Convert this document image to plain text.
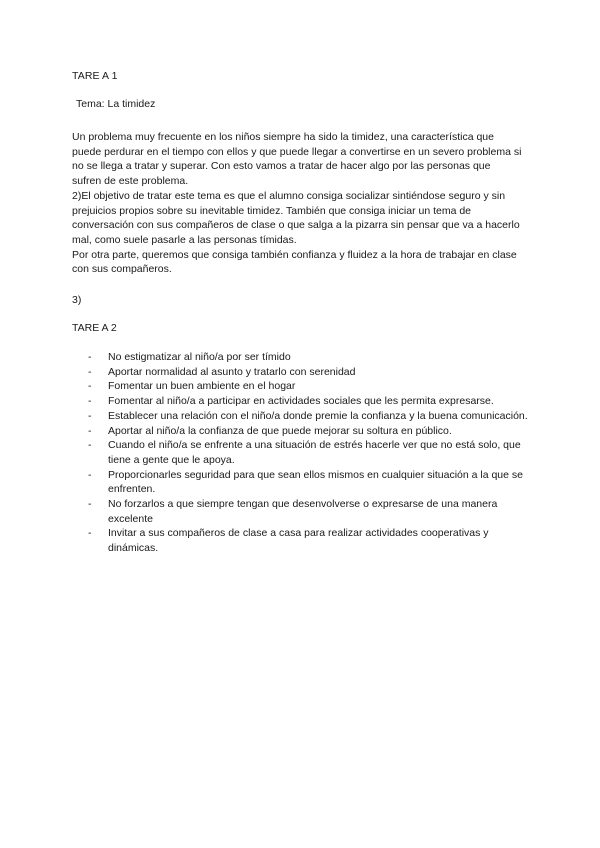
TARE A 1
Tema: La timidez

Un problema muy frecuente en los niños siempre ha sido la timidez, una característica que puede perdurar en el tiempo con ellos y que puede llegar a convertirse en un severo problema si no se llega a tratar y superar. Con esto vamos a tratar de hacer algo por las personas que sufren de este problema.

2)El objetivo de tratar este tema es que el alumno consiga socializar sintiéndose seguro y sin prejuicios propios sobre su inevitable timidez. También que consiga iniciar un tema de conversación con sus compañeros de clase o que salga a la pizarra sin pensar que va a hacerlo mal, como suele pasarle a las personas tímidas.

Por otra parte, queremos que consiga también confianza y fluidez a la hora de trabajar en clase con sus compañeros.

3)
TARE A 2
- No estigmatizar al niño/a por ser tímido
- Aportar normalidad al asunto y tratarlo con serenidad
- Fomentar un buen ambiente en el hogar
- Fomentar al niño/a a participar en actividades sociales que les permita expresarse.
- Establecer una relación con el niño/a donde premie la confianza y la buena comunicación.
- Aportar al niño/a la confianza de que puede mejorar su soltura en público.
- Cuando el niño/a se enfrente a una situación de estrés hacerle ver que no está solo, que tiene a gente que le apoya.
- Proporcionarles seguridad para que sean ellos mismos en cualquier situación a la que se enfrenten.
- No forzarlos a que siempre tengan que desenvolverse o expresarse de una manera excelente
- Invitar a sus compañeros de clase a casa para realizar actividades cooperativas y dinámicas.
